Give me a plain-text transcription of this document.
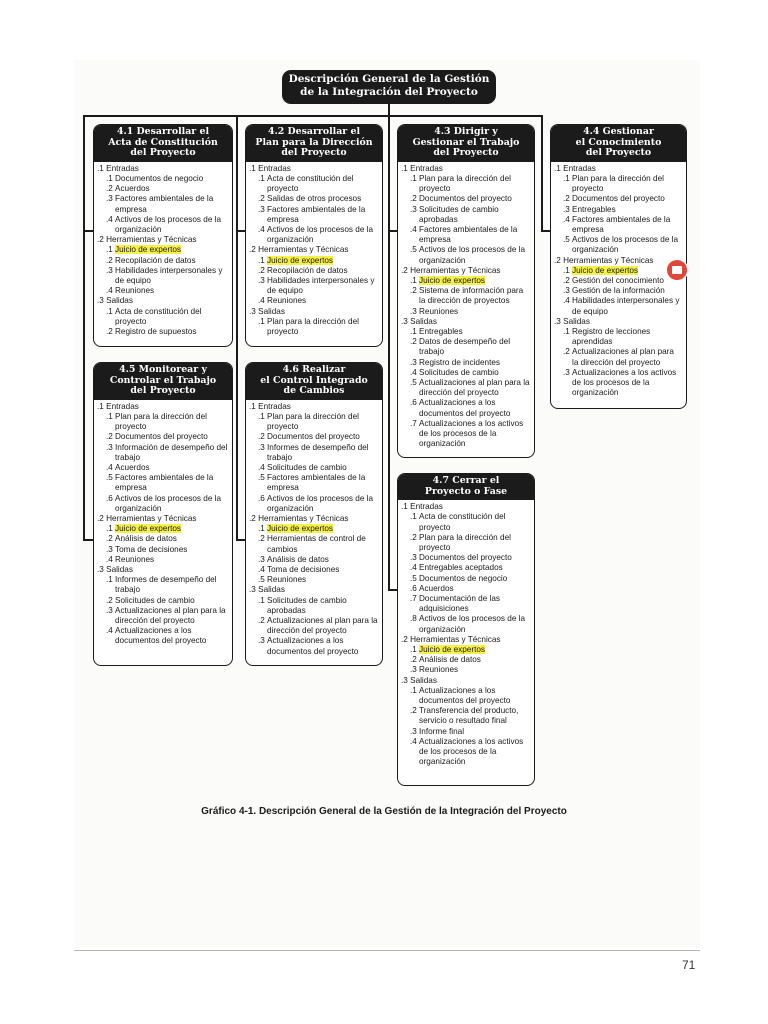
Descripción General de la Gestión
de la Integración del Proyecto
4.1 Desarrollar el
Acta de Constitución
del Proyecto
.1 Entradas
.1 Documentos de negocio
.2 Acuerdos
.3 Factores ambientales de la empresa
.4 Activos de los procesos de la organización
.2 Herramientas y Técnicas
.1 Juicio de expertos
.2 Recopilación de datos
.3 Habilidades interpersonales y de equipo
.4 Reuniones
.3 Salidas
.1 Acta de constitución del proyecto
.2 Registro de supuestos
4.2 Desarrollar el
Plan para la Dirección
del Proyecto
.1 Entradas
.1 Acta de constitución del proyecto
.2 Salidas de otros procesos
.3 Factores ambientales de la empresa
.4 Activos de los procesos de la organización
.2 Herramientas y Técnicas
.1 Juicio de expertos
.2 Recopilación de datos
.3 Habilidades interpersonales y de equipo
.4 Reuniones
.3 Salidas
.1 Plan para la dirección del proyecto
4.3 Dirigir y
Gestionar el Trabajo
del Proyecto
.1 Entradas
.1 Plan para la dirección del proyecto
.2 Documentos del proyecto
.3 Solicitudes de cambio aprobadas
.4 Factores ambientales de la empresa
.5 Activos de los procesos de la organización
.2 Herramientas y Técnicas
.1 Juicio de expertos
.2 Sistema de información para la dirección de proyectos
.3 Reuniones
.3 Salidas
.1 Entregables
.2 Datos de desempeño del trabajo
.3 Registro de incidentes
.4 Solicitudes de cambio
.5 Actualizaciones al plan para la dirección del proyecto
.6 Actualizaciones a los documentos del proyecto
.7 Actualizaciones a los activos de los procesos de la organización
4.4 Gestionar
el Conocimiento
del Proyecto
.1 Entradas
.1 Plan para la dirección del proyecto
.2 Documentos del proyecto
.3 Entregables
.4 Factores ambientales de la empresa
.5 Activos de los procesos de la organización
.2 Herramientas y Técnicas
.1 Juicio de expertos
.2 Gestión del conocimiento
.3 Gestión de la información
.4 Habilidades interpersonales y de equipo
.3 Salidas
.1 Registro de lecciones aprendidas
.2 Actualizaciones al plan para la dirección del proyecto
.3 Actualizaciones a los activos de los procesos de la organización
4.5 Monitorear y
Controlar el Trabajo
del Proyecto
.1 Entradas
.1 Plan para la dirección del proyecto
.2 Documentos del proyecto
.3 Información de desempeño del trabajo
.4 Acuerdos
.5 Factores ambientales de la empresa
.6 Activos de los procesos de la organización
.2 Herramientas y Técnicas
.1 Juicio de expertos
.2 Análisis de datos
.3 Toma de decisiones
.4 Reuniones
.3 Salidas
.1 Informes de desempeño del trabajo
.2 Solicitudes de cambio
.3 Actualizaciones al plan para la dirección del proyecto
.4 Actualizaciones a los documentos del proyecto
4.6 Realizar
el Control Integrado
de Cambios
.1 Entradas
.1 Plan para la dirección del proyecto
.2 Documentos del proyecto
.3 Informes de desempeño del trabajo
.4 Solicitudes de cambio
.5 Factores ambientales de la empresa
.6 Activos de los procesos de la organización
.2 Herramientas y Técnicas
.1 Juicio de expertos
.2 Herramientas de control de cambios
.3 Análisis de datos
.4 Toma de decisiones
.5 Reuniones
.3 Salidas
.1 Solicitudes de cambio aprobadas
.2 Actualizaciones al plan para la dirección del proyecto
.3 Actualizaciones a los documentos del proyecto
4.7 Cerrar el
Proyecto o Fase
.1 Entradas
.1 Acta de constitución del proyecto
.2 Plan para la dirección del proyecto
.3 Documentos del proyecto
.4 Entregables aceptados
.5 Documentos de negocio
.6 Acuerdos
.7 Documentación de las adquisiciones
.8 Activos de los procesos de la organización
.2 Herramientas y Técnicas
.1 Juicio de expertos
.2 Análisis de datos
.3 Reuniones
.3 Salidas
.1 Actualizaciones a los documentos del proyecto
.2 Transferencia del producto, servicio o resultado final
.3 Informe final
.4 Actualizaciones a los activos de los procesos de la organización
Gráfico 4-1. Descripción General de la Gestión de la Integración del Proyecto
71
